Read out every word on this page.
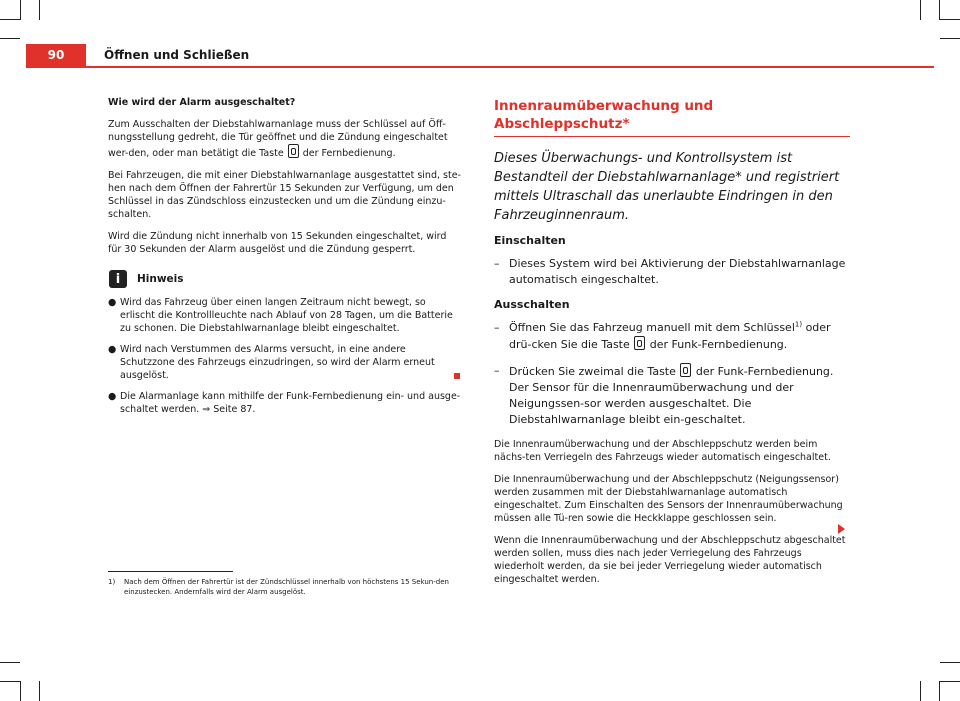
90	Öffnen und Schließen

Wie wird der Alarm ausgeschaltet?

Zum Ausschalten der Diebstahlwarnanlage muss der Schlüssel auf Öff-nungsstellung gedreht, die Tür geöffnet und die Zündung eingeschaltet wer-den, oder man betätigt die Taste der Fernbedienung.

Bei Fahrzeugen, die mit einer Diebstahlwarnanlage ausgestattet sind, ste-hen nach dem Öffnen der Fahrertür 15 Sekunden zur Verfügung, um den Schlüssel in das Zündschloss einzustecken und um die Zündung einzu-schalten.

Wird die Zündung nicht innerhalb von 15 Sekunden eingeschaltet, wird für 30 Sekunden der Alarm ausgelöst und die Zündung gesperrt.

i	Hinweis
● Wird das Fahrzeug über einen langen Zeitraum nicht bewegt, so erlischt die Kontrollleuchte nach Ablauf von 28 Tagen, um die Batterie zu schonen. Die Diebstahlwarnanlage bleibt eingeschaltet.
● Wird nach Verstummen des Alarms versucht, in eine andere Schutzzone des Fahrzeugs einzudringen, so wird der Alarm erneut ausgelöst.
● Die Alarmanlage kann mithilfe der Funk-Fernbedienung ein- und ausge-schaltet werden. ⇒ Seite 87.
Innenraumüberwachung und Abschleppschutz*

Dieses Überwachungs- und Kontrollsystem ist Bestandteil der Diebstahlwarnanlage* und registriert mittels Ultraschall das unerlaubte Eindringen in den Fahrzeuginnenraum.

Einschalten

– Dieses System wird bei Aktivierung der Diebstahlwarnanlage automatisch eingeschaltet.

Ausschalten

– Öffnen Sie das Fahrzeug manuell mit dem Schlüssel$^{1)}$ oder drü-cken Sie die Taste der Funk-Fernbedienung.
– Drücken Sie zweimal die Taste der Funk-Fernbedienung. Der Sensor für die Innenraumüberwachung und der Neigungssen-sor werden ausgeschaltet. Die Diebstahlwarnanlage bleibt ein-geschaltet.

Die Innenraumüberwachung und der Abschleppschutz werden beim nächs-ten Verriegeln des Fahrzeugs wieder automatisch eingeschaltet.

Die Innenraumüberwachung und der Abschleppschutz (Neigungssensor) werden zusammen mit der Diebstahlwarnanlage automatisch eingeschaltet. Zum Einschalten des Sensors der Innenraumüberwachung müssen alle Tü-ren sowie die Heckklappe geschlossen sein.

Wenn die Innenraumüberwachung und der Abschleppschutz abgeschaltet werden sollen, muss dies nach jeder Verriegelung des Fahrzeugs wiederholt werden, da sie bei jeder Verriegelung wieder automatisch eingeschaltet werden.

1)	Nach dem Öffnen der Fahrertür ist der Zündschlüssel innerhalb von höchstens 15 Sekun-den einzustecken. Andernfalls wird der Alarm ausgelöst.
